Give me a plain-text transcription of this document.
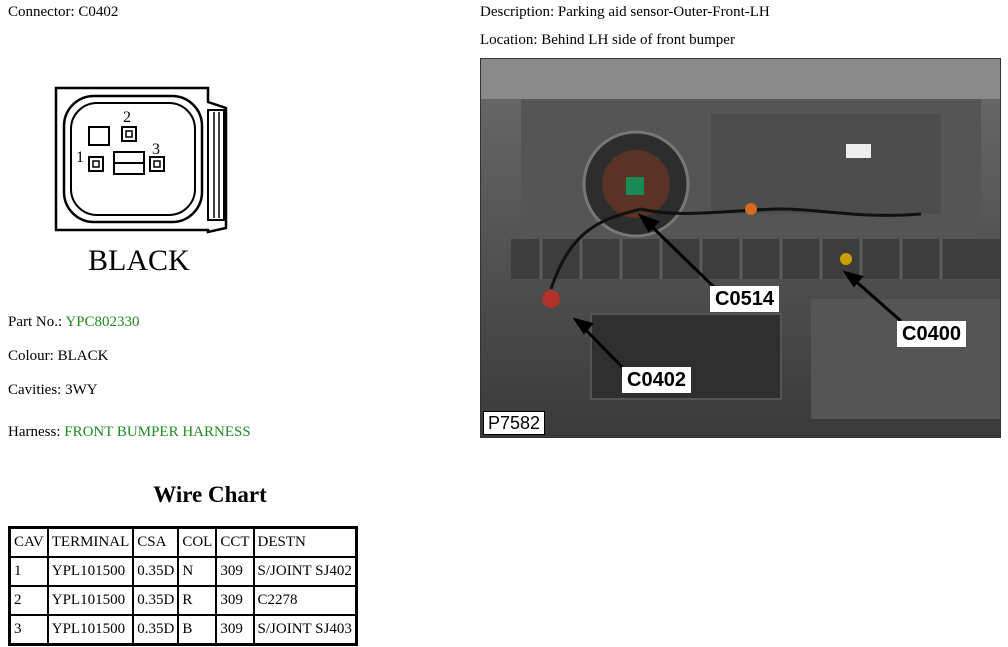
Connector: C0402	Description: Parking aid sensor-Outer-Front-LH
Location: Behind LH side of front bumper
1
2
3
BLACK
Part No.: YPC802330
Colour: BLACK
Cavities: 3WY
Harness: FRONT BUMPER HARNESS
Wire Chart
CAV	TERMINAL	CSA	COL	CCT	DESTN
1	YPL101500	0.35D	N	309	S/JOINT SJ402
2	YPL101500	0.35D	R	309	C2278
3	YPL101500	0.35D	B	309	S/JOINT SJ403
C0514
C0400
C0402
P7582
